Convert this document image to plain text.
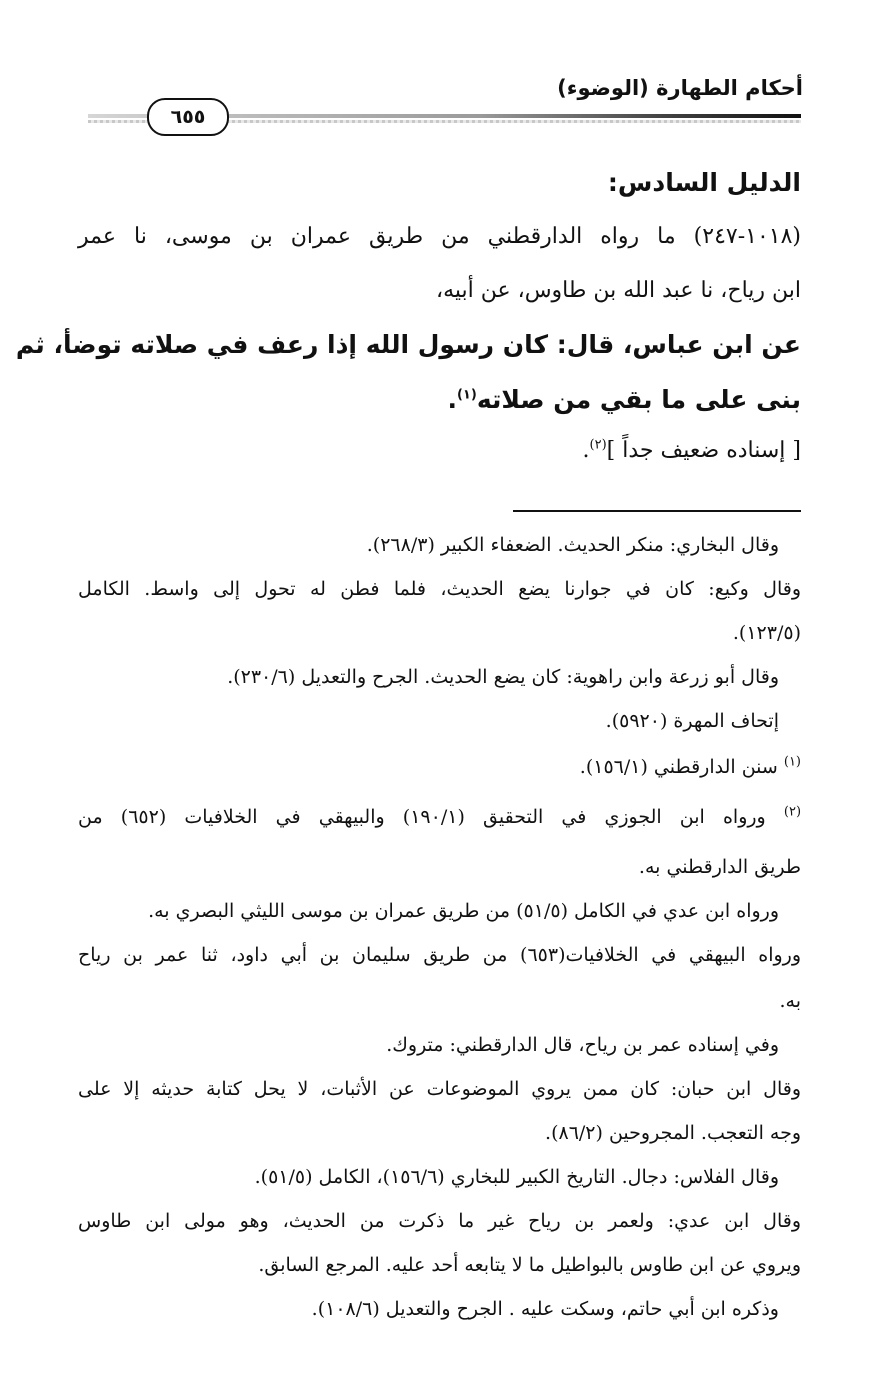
أحكام الطهارة (الوضوء)
٦٥٥
الدليل السادس:
(١٠١٨-٢٤٧) ما رواه الدارقطني من طريق عمران بن موسى، نا عمر
ابن رياح، نا عبد الله بن طاوس، عن أبيه،
عن ابن عباس، قال: كان رسول الله إذا رعف في صلاته توضأ، ثم
بنى على ما بقي من صلاته$^{(١)}$.
[ إسناده ضعيف جداً ]$^{(٢)}$.
وقال البخاري: منكر الحديث. الضعفاء الكبير (٢٦٨/٣).
وقال وكيع: كان في جوارنا يضع الحديث، فلما فطن له تحول إلى واسط. الكامل
(١٢٣/٥).
وقال أبو زرعة وابن راهوية: كان يضع الحديث. الجرح والتعديل (٢٣٠/٦).
إتحاف المهرة (٥٩٢٠).
$^{(١)}$ سنن الدارقطني (١٥٦/١).
$^{(٢)}$ ورواه ابن الجوزي في التحقيق (١٩٠/١) والبيهقي في الخلافيات (٦٥٢) من
طريق الدارقطني به.
ورواه ابن عدي في الكامل (٥١/٥) من طريق عمران بن موسى الليثي البصري به.
ورواه البيهقي في الخلافيات(٦٥٣) من طريق سليمان بن أبي داود، ثنا عمر بن رياح
به.
وفي إسناده عمر بن رياح، قال الدارقطني: متروك.
وقال ابن حبان: كان ممن يروي الموضوعات عن الأثبات، لا يحل كتابة حديثه إلا على
وجه التعجب. المجروحين (٨٦/٢).
وقال الفلاس: دجال. التاريخ الكبير للبخاري (١٥٦/٦)، الكامل (٥١/٥).
وقال ابن عدي: ولعمر بن رياح غير ما ذكرت من الحديث، وهو مولى ابن طاوس
ويروي عن ابن طاوس بالبواطيل ما لا يتابعه أحد عليه. المرجع السابق.
وذكره ابن أبي حاتم، وسكت عليه . الجرح والتعديل (١٠٨/٦).
